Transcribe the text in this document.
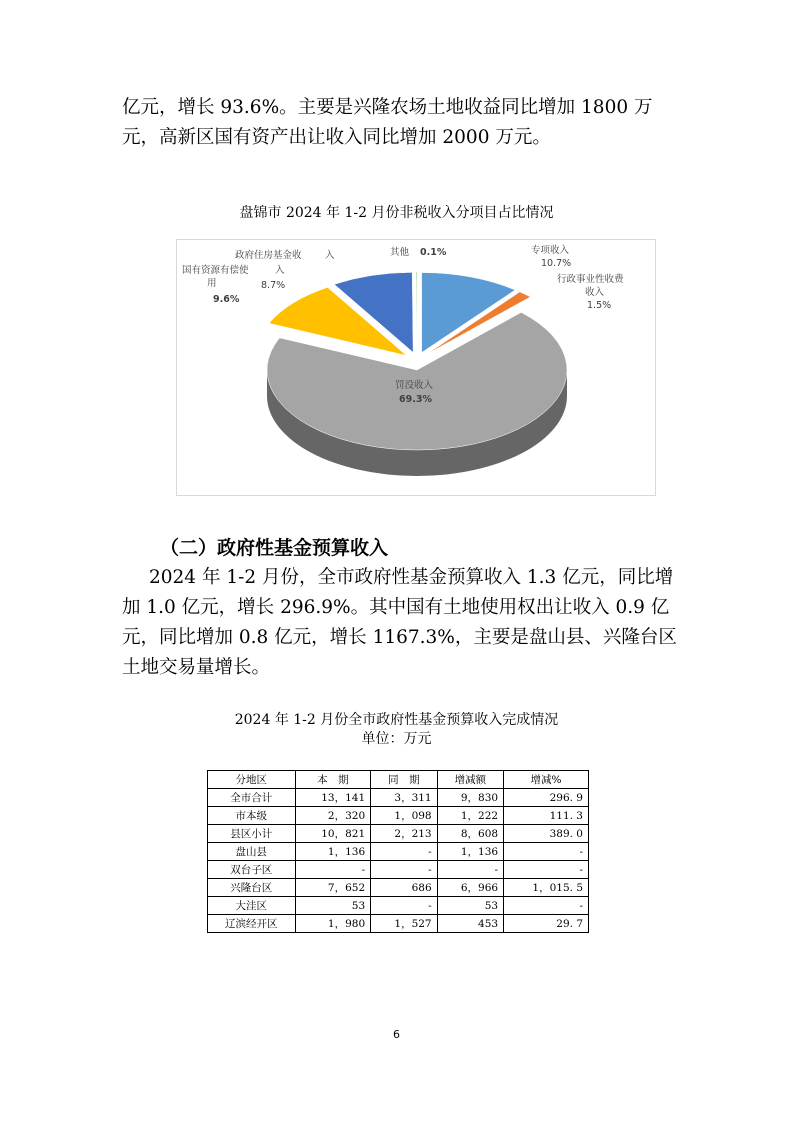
亿元，增长 93.6%。主要是兴隆农场土地收益同比增加 1800 万元，高新区国有资产出让收入同比增加 2000 万元。

盘锦市 2024 年 1-2 月份非税收入分项目占比情况
专项收入
10.7%
行政事业性收费
收入
1.5%
罚没收入
69.3%
国有资源有偿使	入
用
9.6%
政府住房基金收 入
8.7%
其他 0.1%
（二）政府性基金预算收入

2024 年 1-2 月份，全市政府性基金预算收入 1.3 亿元，同比增加 1.0 亿元，增长 296.9%。其中国有土地使用权出让收入 0.9 亿元，同比增加 0.8 亿元，增长 1167.3%，主要是盘山县、兴隆台区土地交易量增长。

2024 年 1-2 月份全市政府性基金预算收入完成情况
单位：万元
分地区	本　期	同　期	增减额	增减%
全市合计	13，141	3，311	9，830	296. 9
市本级	2，320	1，098	1，222	111. 3
县区小计	10，821	2，213	8，608	389. 0
盘山县	1，136	-	1，136	-
双台子区	-	-	-	-
兴隆台区	7，652	686	6，966	1，015. 5
大洼区	53	-	53	-
辽滨经开区	1，980	1，527	453	29. 7
6
